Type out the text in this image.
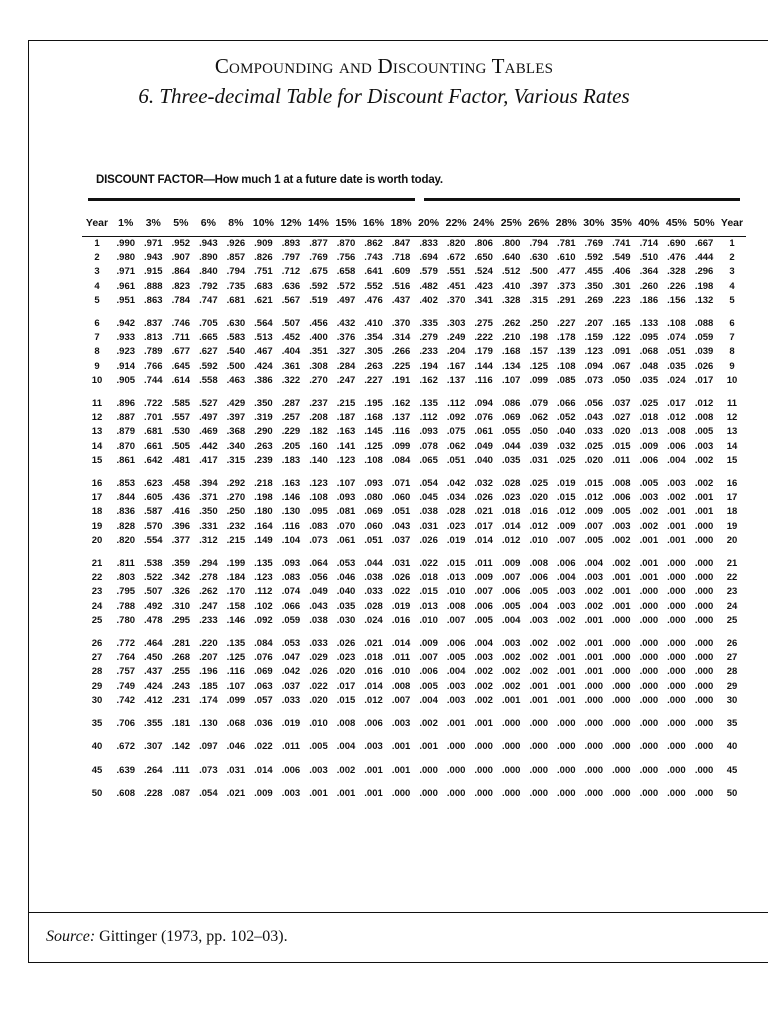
Compounding and Discounting Tables
6. Three-decimal Table for Discount Factor, Various Rates
DISCOUNT FACTOR—How much 1 at a future date is worth today.
Year	1%	3%	5%	6%	8%	10%	12%	14%	15%	16%	18%	20%	22%	24%	25%	26%	28%	30%	35%	40%	45%	50%	Year
1	.990	.971	.952	.943	.926	.909	.893	.877	.870	.862	.847	.833	.820	.806	.800	.794	.781	.769	.741	.714	.690	.667	1
2	.980	.943	.907	.890	.857	.826	.797	.769	.756	.743	.718	.694	.672	.650	.640	.630	.610	.592	.549	.510	.476	.444	2
3	.971	.915	.864	.840	.794	.751	.712	.675	.658	.641	.609	.579	.551	.524	.512	.500	.477	.455	.406	.364	.328	.296	3
4	.961	.888	.823	.792	.735	.683	.636	.592	.572	.552	.516	.482	.451	.423	.410	.397	.373	.350	.301	.260	.226	.198	4
5	.951	.863	.784	.747	.681	.621	.567	.519	.497	.476	.437	.402	.370	.341	.328	.315	.291	.269	.223	.186	.156	.132	5
6	.942	.837	.746	.705	.630	.564	.507	.456	.432	.410	.370	.335	.303	.275	.262	.250	.227	.207	.165	.133	.108	.088	6
7	.933	.813	.711	.665	.583	.513	.452	.400	.376	.354	.314	.279	.249	.222	.210	.198	.178	.159	.122	.095	.074	.059	7
8	.923	.789	.677	.627	.540	.467	.404	.351	.327	.305	.266	.233	.204	.179	.168	.157	.139	.123	.091	.068	.051	.039	8
9	.914	.766	.645	.592	.500	.424	.361	.308	.284	.263	.225	.194	.167	.144	.134	.125	.108	.094	.067	.048	.035	.026	9
10	.905	.744	.614	.558	.463	.386	.322	.270	.247	.227	.191	.162	.137	.116	.107	.099	.085	.073	.050	.035	.024	.017	10
11	.896	.722	.585	.527	.429	.350	.287	.237	.215	.195	.162	.135	.112	.094	.086	.079	.066	.056	.037	.025	.017	.012	11
12	.887	.701	.557	.497	.397	.319	.257	.208	.187	.168	.137	.112	.092	.076	.069	.062	.052	.043	.027	.018	.012	.008	12
13	.879	.681	.530	.469	.368	.290	.229	.182	.163	.145	.116	.093	.075	.061	.055	.050	.040	.033	.020	.013	.008	.005	13
14	.870	.661	.505	.442	.340	.263	.205	.160	.141	.125	.099	.078	.062	.049	.044	.039	.032	.025	.015	.009	.006	.003	14
15	.861	.642	.481	.417	.315	.239	.183	.140	.123	.108	.084	.065	.051	.040	.035	.031	.025	.020	.011	.006	.004	.002	15
16	.853	.623	.458	.394	.292	.218	.163	.123	.107	.093	.071	.054	.042	.032	.028	.025	.019	.015	.008	.005	.003	.002	16
17	.844	.605	.436	.371	.270	.198	.146	.108	.093	.080	.060	.045	.034	.026	.023	.020	.015	.012	.006	.003	.002	.001	17
18	.836	.587	.416	.350	.250	.180	.130	.095	.081	.069	.051	.038	.028	.021	.018	.016	.012	.009	.005	.002	.001	.001	18
19	.828	.570	.396	.331	.232	.164	.116	.083	.070	.060	.043	.031	.023	.017	.014	.012	.009	.007	.003	.002	.001	.000	19
20	.820	.554	.377	.312	.215	.149	.104	.073	.061	.051	.037	.026	.019	.014	.012	.010	.007	.005	.002	.001	.001	.000	20
21	.811	.538	.359	.294	.199	.135	.093	.064	.053	.044	.031	.022	.015	.011	.009	.008	.006	.004	.002	.001	.000	.000	21
22	.803	.522	.342	.278	.184	.123	.083	.056	.046	.038	.026	.018	.013	.009	.007	.006	.004	.003	.001	.001	.000	.000	22
23	.795	.507	.326	.262	.170	.112	.074	.049	.040	.033	.022	.015	.010	.007	.006	.005	.003	.002	.001	.000	.000	.000	23
24	.788	.492	.310	.247	.158	.102	.066	.043	.035	.028	.019	.013	.008	.006	.005	.004	.003	.002	.001	.000	.000	.000	24
25	.780	.478	.295	.233	.146	.092	.059	.038	.030	.024	.016	.010	.007	.005	.004	.003	.002	.001	.000	.000	.000	.000	25
26	.772	.464	.281	.220	.135	.084	.053	.033	.026	.021	.014	.009	.006	.004	.003	.002	.002	.001	.000	.000	.000	.000	26
27	.764	.450	.268	.207	.125	.076	.047	.029	.023	.018	.011	.007	.005	.003	.002	.002	.001	.001	.000	.000	.000	.000	27
28	.757	.437	.255	.196	.116	.069	.042	.026	.020	.016	.010	.006	.004	.002	.002	.002	.001	.001	.000	.000	.000	.000	28
29	.749	.424	.243	.185	.107	.063	.037	.022	.017	.014	.008	.005	.003	.002	.002	.001	.001	.000	.000	.000	.000	.000	29
30	.742	.412	.231	.174	.099	.057	.033	.020	.015	.012	.007	.004	.003	.002	.001	.001	.001	.000	.000	.000	.000	.000	30
35	.706	.355	.181	.130	.068	.036	.019	.010	.008	.006	.003	.002	.001	.001	.000	.000	.000	.000	.000	.000	.000	.000	35
40	.672	.307	.142	.097	.046	.022	.011	.005	.004	.003	.001	.001	.000	.000	.000	.000	.000	.000	.000	.000	.000	.000	40
45	.639	.264	.111	.073	.031	.014	.006	.003	.002	.001	.001	.000	.000	.000	.000	.000	.000	.000	.000	.000	.000	.000	45
50	.608	.228	.087	.054	.021	.009	.003	.001	.001	.001	.000	.000	.000	.000	.000	.000	.000	.000	.000	.000	.000	.000	50
Source: Gittinger (1973, pp. 102–03).
